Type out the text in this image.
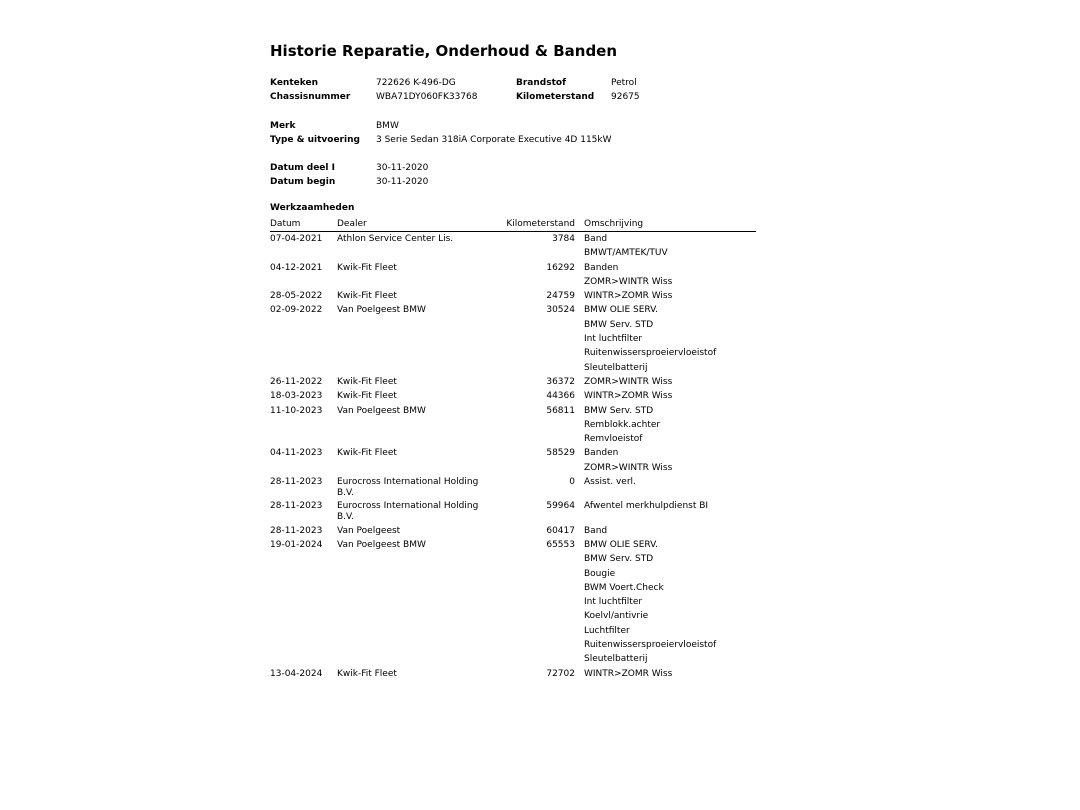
Historie Reparatie, Onderhoud & Banden
Kenteken	722626 K-496-DG	Brandstof	Petrol
Chassisnummer	WBA71DY060FK33768	Kilometerstand 92675
Merk	BMW
Type & uitvoering 3 Serie Sedan 318iA Corporate Executive 4D 115kW
Datum deel I	30-11-2020
Datum begin	30-11-2020
Werkzaamheden
Datum	Dealer	Kilometerstand Omschrijving
07-04-2021 Athlon Service Center Lis.	3784 Band
BMWT/AMTEK/TUV
04-12-2021 Kwik-Fit Fleet	16292 Banden
ZOMR>WINTR Wiss
28-05-2022 Kwik-Fit Fleet	24759 WINTR>ZOMR Wiss
02-09-2022 Van Poelgeest BMW	30524 BMW OLIE SERV.
BMW Serv. STD
Int luchtfilter
Ruitenwissersproeiervloeistof
Sleutelbatterij
26-11-2022 Kwik-Fit Fleet	36372 ZOMR>WINTR Wiss
18-03-2023 Kwik-Fit Fleet	44366 WINTR>ZOMR Wiss
11-10-2023 Van Poelgeest BMW	56811 BMW Serv. STD
Remblokk.achter
Remvloeistof
04-11-2023 Kwik-Fit Fleet	58529 Banden
ZOMR>WINTR Wiss
28-11-2023 Eurocross International Holding B.V.
0 Assist. verl.
28-11-2023 Eurocross International Holding B.V.
59964 Afwentel merkhulpdienst BI
28-11-2023 Van Poelgeest	60417 Band
19-01-2024 Van Poelgeest BMW	65553 BMW OLIE SERV.
BMW Serv. STD
Bougie
BWM Voert.Check
Int luchtfilter
Koelvl/antivrie
Luchtfilter
Ruitenwissersproeiervloeistof
Sleutelbatterij
13-04-2024 Kwik-Fit Fleet	72702 WINTR>ZOMR Wiss
